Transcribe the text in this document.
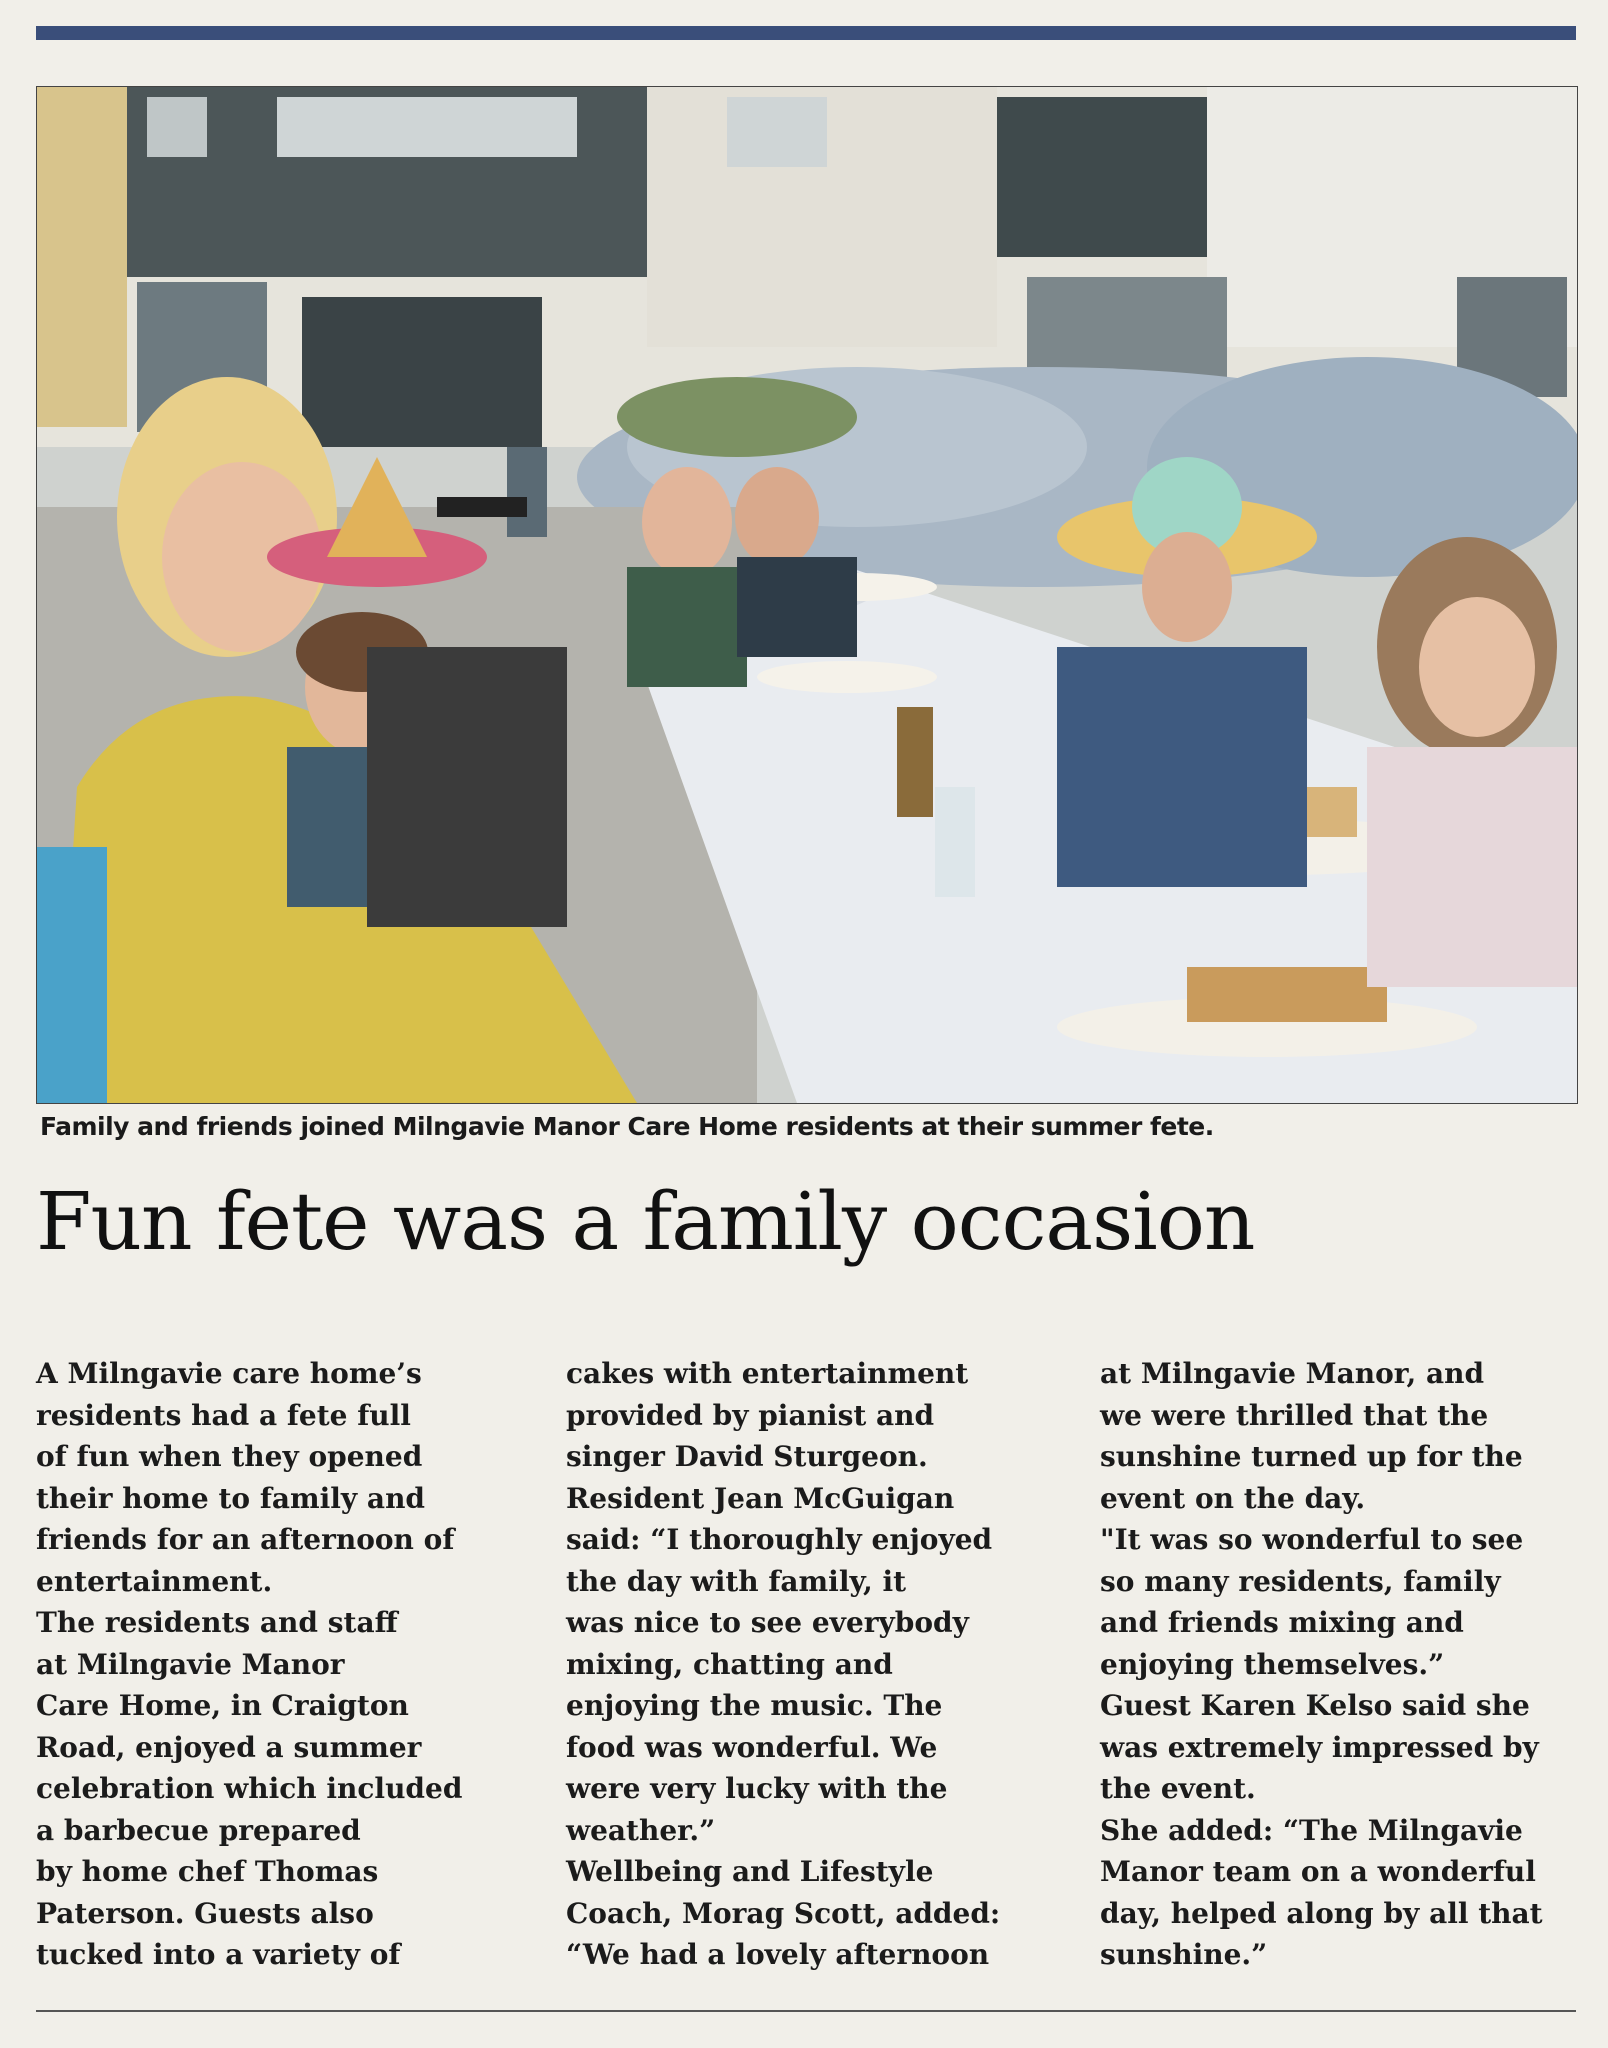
Family and friends joined Milngavie Manor Care Home residents at their summer fete.
Fun fete was a family occasion

A Milngavie care home’s

residents had a fete full

of fun when they opened

their home to family and

friends for an afternoon of

entertainment.

The residents and staff

at Milngavie Manor

Care Home, in Craigton

Road, enjoyed a summer

celebration which included

a barbecue prepared

by home chef Thomas

Paterson. Guests also

tucked into a variety of

cakes with entertainment

provided by pianist and

singer David Sturgeon.

Resident Jean McGuigan

said: “I thoroughly enjoyed

the day with family, it

was nice to see everybody

mixing, chatting and

enjoying the music. The

food was wonderful. We

were very lucky with the

weather.”

Wellbeing and Lifestyle

Coach, Morag Scott, added:

“We had a lovely afternoon

at Milngavie Manor, and

we were thrilled that the

sunshine turned up for the

event on the day.

"It was so wonderful to see

so many residents, family

and friends mixing and

enjoying themselves.”

Guest Karen Kelso said she

was extremely impressed by

the event.

She added: “The Milngavie

Manor team on a wonderful

day, helped along by all that

sunshine.”
